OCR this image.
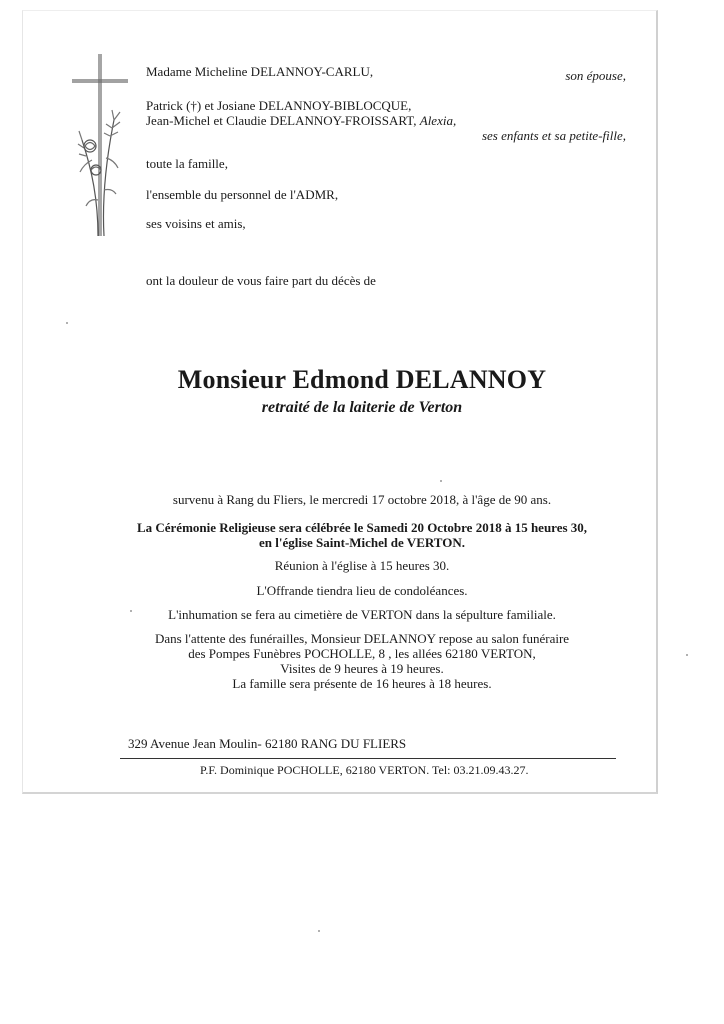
Madame Micheline DELANNOY-CARLU,	son épouse,
Patrick (†) et Josiane DELANNOY-BIBLOCQUE,
Jean-Michel et Claudie DELANNOY-FROISSART, Alexia,
ses enfants et sa petite-fille,
toute la famille,
l'ensemble du personnel de l'ADMR,
ses voisins et amis,
ont la douleur de vous faire part du décès de
Monsieur Edmond DELANNOY
retraité de la laiterie de Verton
survenu à Rang du Fliers, le mercredi 17 octobre 2018, à l'âge de 90 ans.
La Cérémonie Religieuse sera célébrée le Samedi 20 Octobre 2018 à 15 heures 30,
en l'église Saint-Michel de VERTON.
Réunion à l'église à 15 heures 30.
L'Offrande tiendra lieu de condoléances.
L'inhumation se fera au cimetière de VERTON dans la sépulture familiale.
Dans l'attente des funérailles, Monsieur DELANNOY repose au salon funéraire
des Pompes Funèbres POCHOLLE, 8 , les allées 62180 VERTON,
Visites de 9 heures à 19 heures.
La famille sera présente de 16 heures à 18 heures.
329 Avenue Jean Moulin- 62180 RANG DU FLIERS
P.F. Dominique POCHOLLE, 62180 VERTON. Tel: 03.21.09.43.27.
